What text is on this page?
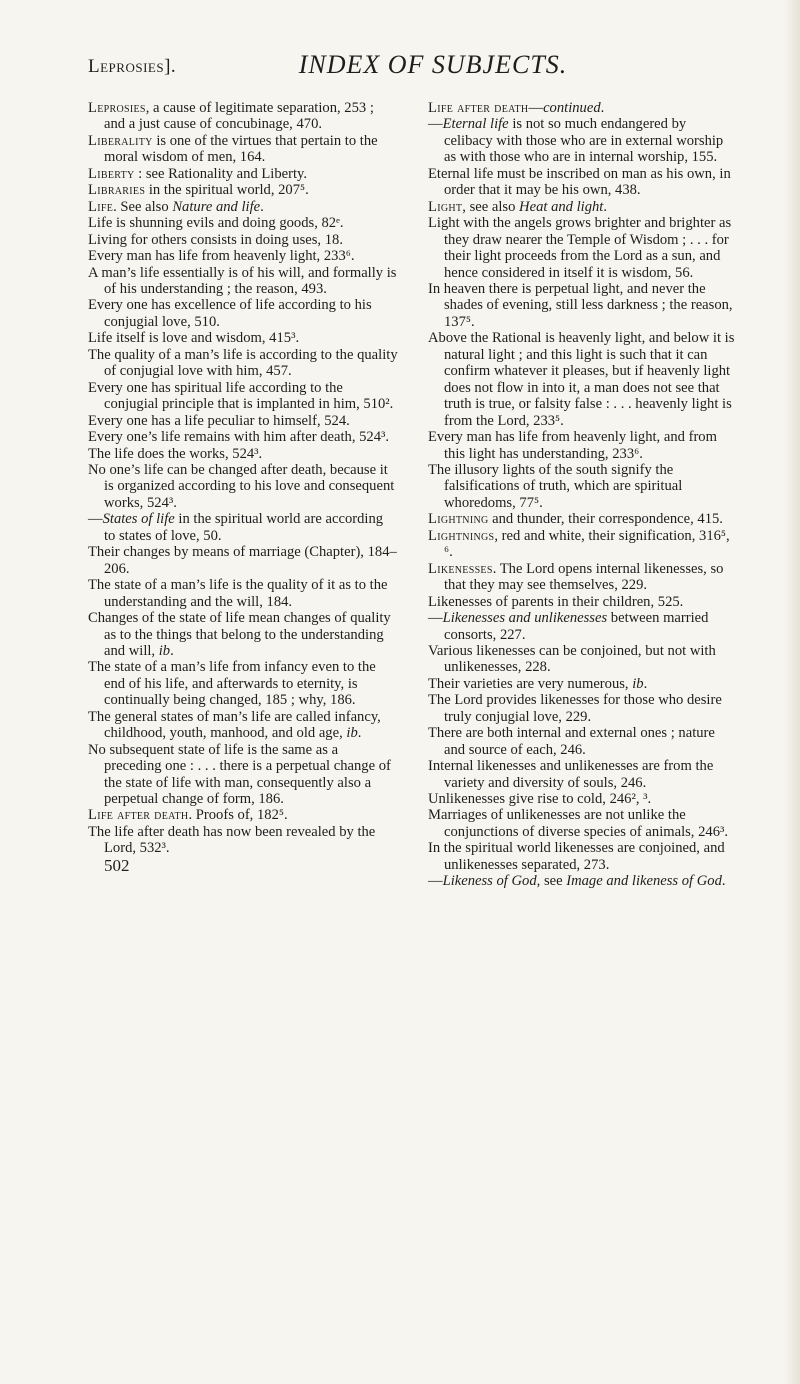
Leprosies].	INDEX OF SUBJECTS.

Leprosies, a cause of legitimate separation, 253 ; and a just cause of concubinage, 470.

Liberality is one of the virtues that pertain to the moral wisdom of men, 164.

Liberty : see Rationality and Liberty.

Libraries in the spiritual world, 207⁵.

Life. See also Nature and life.

Life is shunning evils and doing goods, 82ᵉ.

Living for others consists in doing uses, 18.

Every man has life from heavenly light, 233⁶.

A man’s life essentially is of his will, and formally is of his understanding ; the reason, 493.

Every one has excellence of life according to his conjugial love, 510.

Life itself is love and wisdom, 415³.

The quality of a man’s life is according to the quality of conjugial love with him, 457.

Every one has spiritual life according to the conjugial principle that is implanted in him, 510².

Every one has a life peculiar to himself, 524.

Every one’s life remains with him after death, 524³.

The life does the works, 524³.

No one’s life can be changed after death, because it is organized according to his love and consequent works, 524³.

—States of life in the spiritual world are according to states of love, 50.

Their changes by means of marriage (Chapter), 184–206.

The state of a man’s life is the quality of it as to the understanding and the will, 184.

Changes of the state of life mean changes of quality as to the things that belong to the understanding and will, ib.

The state of a man’s life from infancy even to the end of his life, and afterwards to eternity, is continually being changed, 185 ; why, 186.

The general states of man’s life are called infancy, childhood, youth, manhood, and old age, ib.

No subsequent state of life is the same as a preceding one : . . . there is a perpetual change of the state of life with man, consequently also a perpetual change of form, 186.

Life after death. Proofs of, 182⁵.

The life after death has now been revealed by the Lord, 532³.

502

Life after death—continued.

—Eternal life is not so much endangered by celibacy with those who are in external worship as with those who are in internal worship, 155.

Eternal life must be inscribed on man as his own, in order that it may be his own, 438.

Light, see also Heat and light.

Light with the angels grows brighter and brighter as they draw nearer the Temple of Wisdom ; . . . for their light proceeds from the Lord as a sun, and hence considered in itself it is wisdom, 56.

In heaven there is perpetual light, and never the shades of evening, still less darkness ; the reason, 137⁵.

Above the Rational is heavenly light, and below it is natural light ; and this light is such that it can confirm whatever it pleases, but if heavenly light does not flow in into it, a man does not see that truth is true, or falsity false : . . . heavenly light is from the Lord, 233⁵.

Every man has life from heavenly light, and from this light has understanding, 233⁶.

The illusory lights of the south signify the falsifications of truth, which are spiritual whoredoms, 77⁵.

Lightning and thunder, their correspondence, 415.

Lightnings, red and white, their signification, 316⁵, ⁶.

Likenesses. The Lord opens internal likenesses, so that they may see themselves, 229.

Likenesses of parents in their children, 525.

—Likenesses and unlikenesses between married consorts, 227.

Various likenesses can be conjoined, but not with unlikenesses, 228.

Their varieties are very numerous, ib.

The Lord provides likenesses for those who desire truly conjugial love, 229.

There are both internal and external ones ; nature and source of each, 246.

Internal likenesses and unlikenesses are from the variety and diversity of souls, 246.

Unlikenesses give rise to cold, 246², ³.

Marriages of unlikenesses are not unlike the conjunctions of diverse species of animals, 246³.

In the spiritual world likenesses are conjoined, and unlikenesses separated, 273.

—Likeness of God, see Image and likeness of God.
